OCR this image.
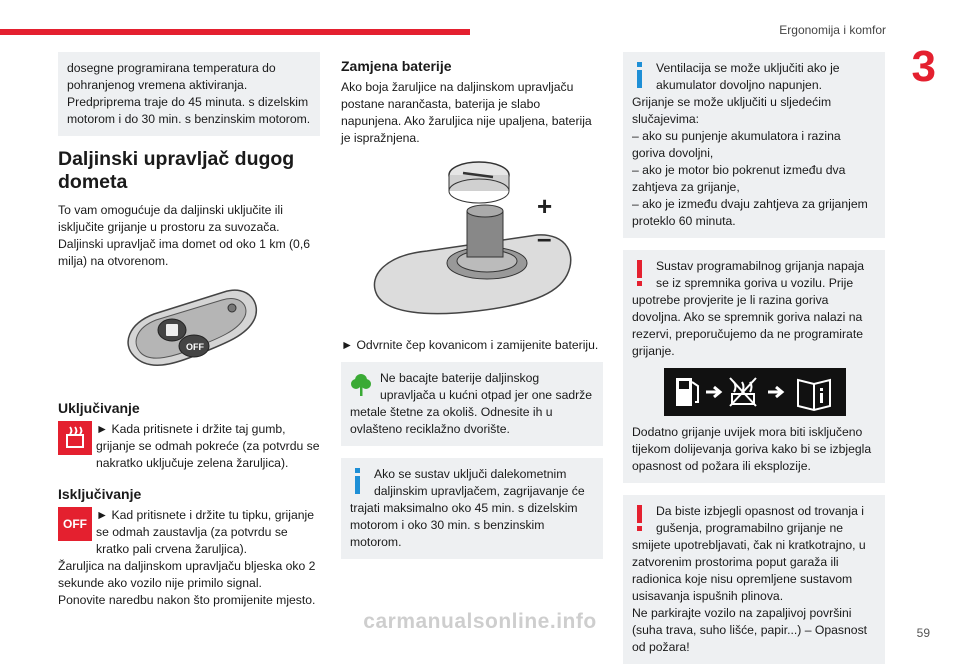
Ergonomija i komfor
3

dosegne programirana temperatura do pohranjenog vremena aktiviranja. Predpriprema traje do 45 minuta. s dizelskim motorom i do 30 min. s benzinskim motorom.

Daljinski upravljač dugog dometa

To vam omogućuje da daljinski uključite ili isključite grijanje u prostoru za suvozača. Daljinski upravljač ima domet od oko 1 km (0,6 milja) na otvorenom.

OFF
Uključivanje

► Kada pritisnete i držite taj gumb, grijanje se odmah pokreće (za potvrdu se nakratko uključuje zelena žaruljica).

Isključivanje
OFF

► Kad pritisnete i držite tu tipku, grijanje se odmah zaustavlja (za potvrdu se kratko pali crvena žaruljica).

Žaruljica na daljinskom upravljaču bljeska oko 2 sekunde ako vozilo nije primilo signal.

Ponovite naredbu nakon što promijenite mjesto.

Zamjena baterije

Ako boja žaruljice na daljinskom upravljaču postane narančasta, baterija je slabo napunjena. Ako žaruljica nije upaljena, baterija je ispražnjena.

+
–

► Odvrnite čep kovanicom i zamijenite bateriju.

Ne bacajte baterije daljinskog upravljača u kućni otpad jer one sadrže metale štetne za okoliš. Odnesite ih u ovlašteno reciklažno dvorište.

Ako se sustav uključi dalekometnim daljinskim upravljačem, zagrijavanje će trajati maksimalno oko 45 min. s dizelskim motorom i oko 30 min. s benzinskim motorom.

Ventilacija se može uključiti ako je akumulator dovoljno napunjen.

Grijanje se može uključiti u sljedećim slučajevima:

– ako su punjenje akumulatora i razina goriva dovoljni,

– ako je motor bio pokrenut između dva zahtjeva za grijanje,

– ako je između dvaju zahtjeva za grijanjem proteklo 60 minuta.

Sustav programabilnog grijanja napaja se iz spremnika goriva u vozilu. Prije upotrebe provjerite je li razina goriva dovoljna. Ako se spremnik goriva nalazi na rezervi, preporučujemo da ne programirate grijanje.

Dodatno grijanje uvijek mora biti isključeno tijekom dolijevanja goriva kako bi se izbjegla opasnost od požara ili eksplozije.

Da biste izbjegli opasnost od trovanja i gušenja, programabilno grijanje ne smijete upotrebljavati, čak ni kratkotrajno, u zatvorenim prostorima poput garaža ili radionica koje nisu opremljene sustavom usisavanja ispušnih plinova.

Ne parkirajte vozilo na zapaljivoj površini (suha trava, suho lišće, papir...) – Opasnost od požara!

59
carmanualsonline.info
